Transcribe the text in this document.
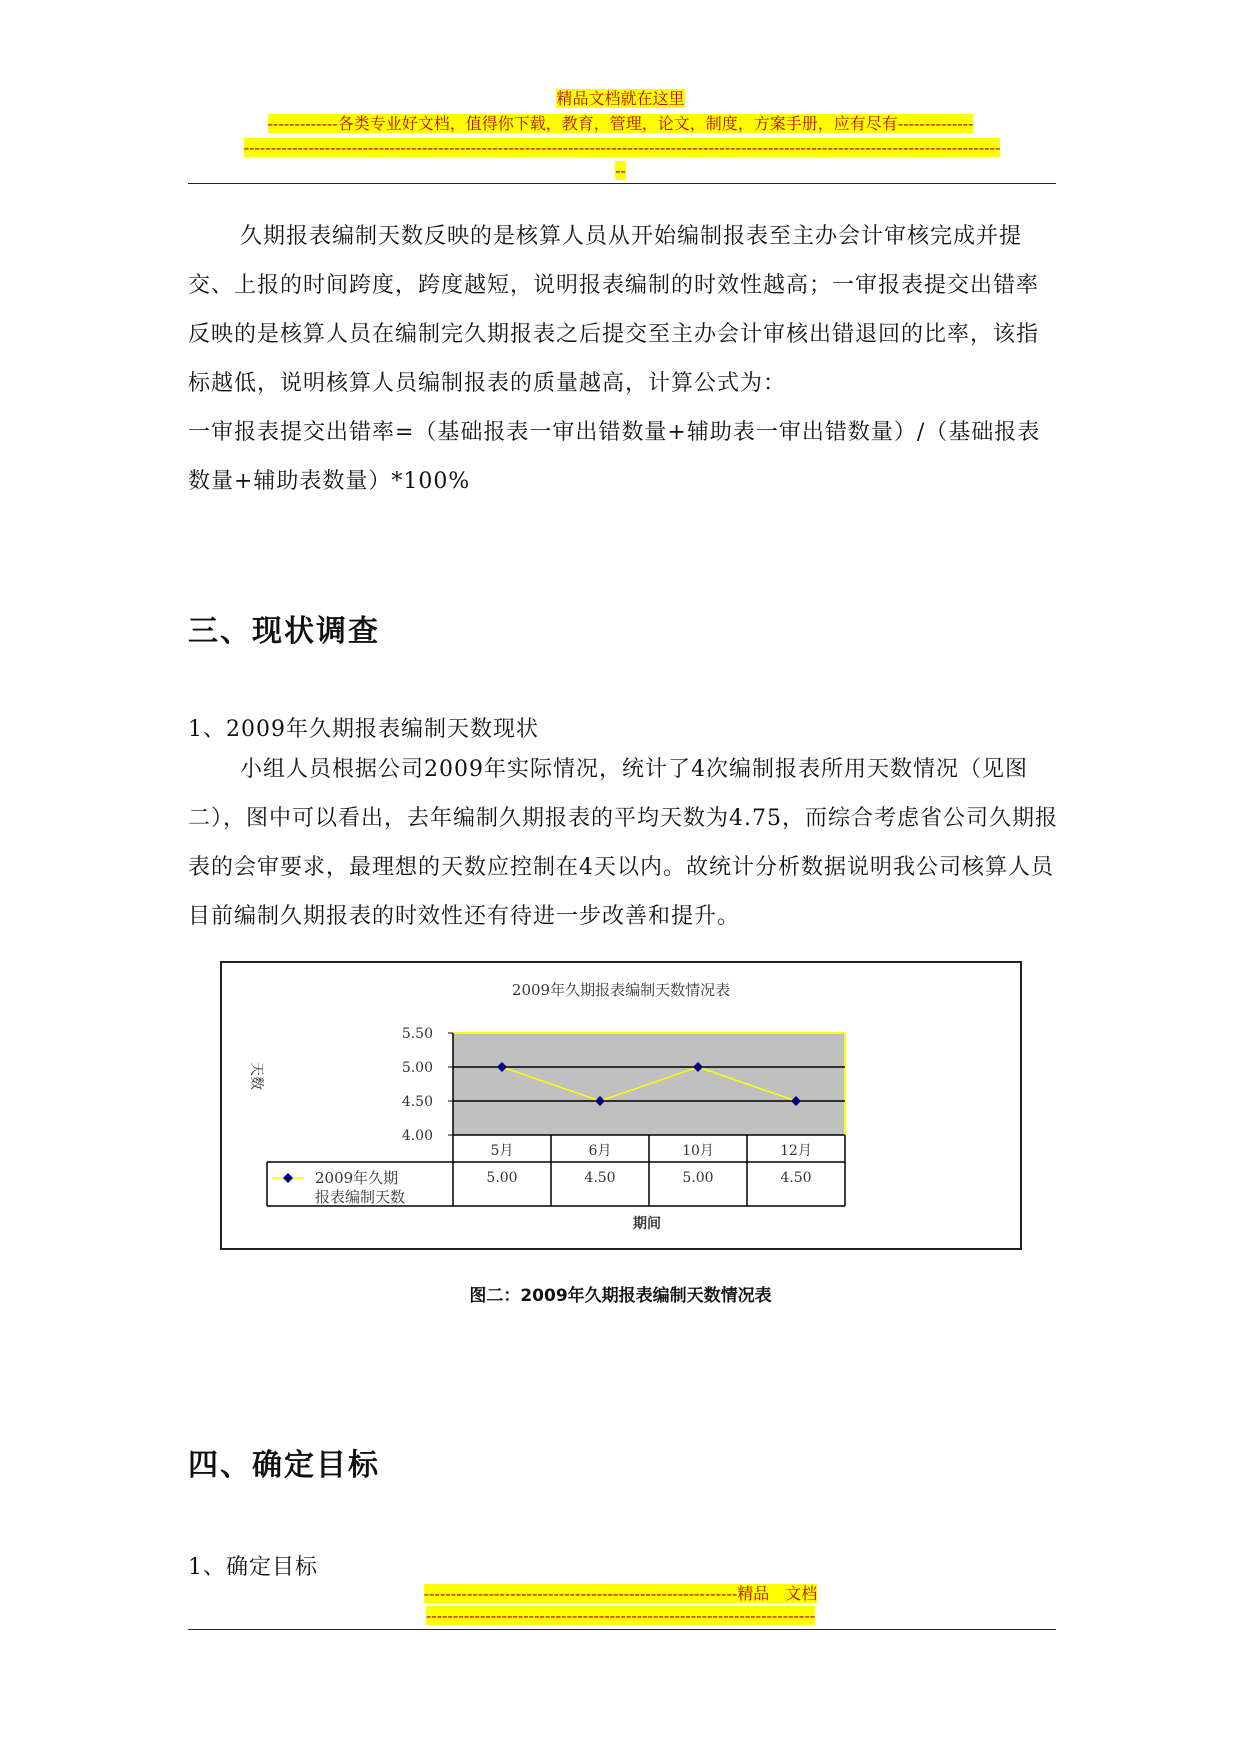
精品文档就在这里
-------------各类专业好文档，值得你下载，教育，管理，论文，制度，方案手册，应有尽有--------------
--------------------------------------------------------------------------------------------------------------------------------------------
--

久期报表编制天数反映的是核算人员从开始编制报表至主办会计审核完成并提交、上报的时间跨度，跨度越短，说明报表编制的时效性越高；一审报表提交出错率反映的是核算人员在编制完久期报表之后提交至主办会计审核出错退回的比率，该指标越低，说明核算人员编制报表的质量越高，计算公式为：

一审报表提交出错率=（基础报表一审出错数量+辅助表一审出错数量）/（基础报表数量+辅助表数量）*100%

三、现状调查
1、2009年久期报表编制天数现状

小组人员根据公司2009年实际情况，统计了4次编制报表所用天数情况（见图二），图中可以看出，去年编制久期报表的平均天数为4.75，而综合考虑省公司久期报表的会审要求，最理想的天数应控制在4天以内。故统计分析数据说明我公司核算人员目前编制久期报表的时效性还有待进一步改善和提升。

2009年久期报表编制天数情况表
天数
期间
5.50
5.00
4.50
4.00
5月
5.00
6月
4.50
10月
5.00
12月
4.50
2009年久期
报表编制天数
图二：2009年久期报表编制天数情况表
四、确定目标
1、确定目标
----------------------------------------------------------精品　文档
------------------------------------------------------------------------
